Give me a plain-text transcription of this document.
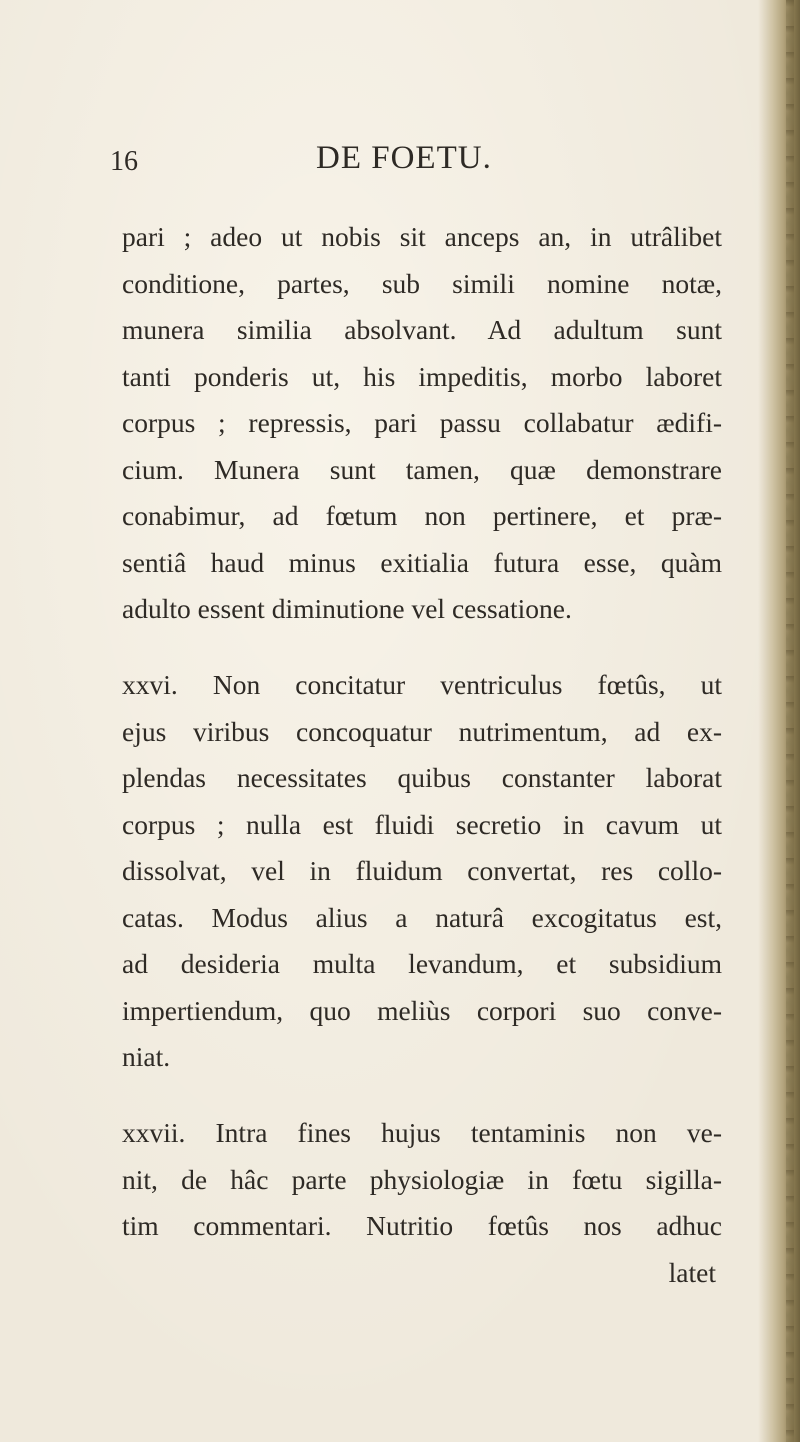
16	DE FOETU.
pari ; adeo ut nobis sit anceps an, in utrâlibet
conditione, partes, sub simili nomine notæ,
munera similia absolvant. Ad adultum sunt
tanti ponderis ut, his impeditis, morbo laboret
corpus ; repressis, pari passu collabatur ædifi-
cium. Munera sunt tamen, quæ demonstrare
conabimur, ad fœtum non pertinere, et præ-
sentiâ haud minus exitialia futura esse, quàm
adulto essent diminutione vel cessatione.
xxvi. Non concitatur ventriculus fœtûs, ut
ejus viribus concoquatur nutrimentum, ad ex-
plendas necessitates quibus constanter laborat
corpus ; nulla est fluidi secretio in cavum ut
dissolvat, vel in fluidum convertat, res collo-
catas. Modus alius a naturâ excogitatus est,
ad desideria multa levandum, et subsidium
impertiendum, quo meliùs corpori suo conve-
niat.
xxvii. Intra fines hujus tentaminis non ve-
nit, de hâc parte physiologiæ in fœtu sigilla-
tim commentari. Nutritio fœtûs nos adhuc
latet
